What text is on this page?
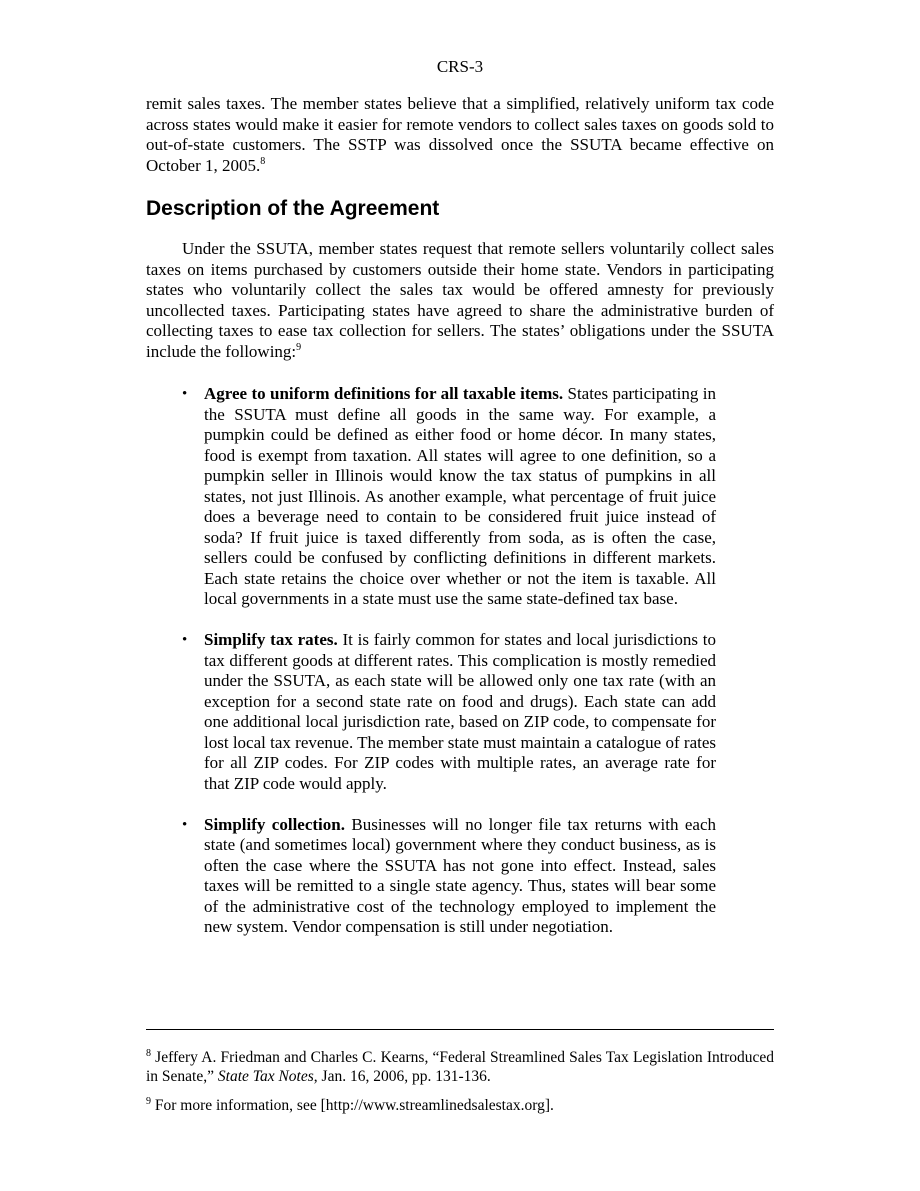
CRS-3

remit sales taxes. The member states believe that a simplified, relatively uniform tax code across states would make it easier for remote vendors to collect sales taxes on goods sold to out-of-state customers. The SSTP was dissolved once the SSUTA became effective on October 1, 2005.$^8$

Description of the Agreement

Under the SSUTA, member states request that remote sellers voluntarily collect sales taxes on items purchased by customers outside their home state. Vendors in participating states who voluntarily collect the sales tax would be offered amnesty for previously uncollected taxes. Participating states have agreed to share the administrative burden of collecting taxes to ease tax collection for sellers. The states’ obligations under the SSUTA include the following:$^9$

• Agree to uniform definitions for all taxable items. States participating in the SSUTA must define all goods in the same way. For example, a pumpkin could be defined as either food or home décor. In many states, food is exempt from taxation. All states will agree to one definition, so a pumpkin seller in Illinois would know the tax status of pumpkins in all states, not just Illinois. As another example, what percentage of fruit juice does a beverage need to contain to be considered fruit juice instead of soda? If fruit juice is taxed differently from soda, as is often the case, sellers could be confused by conflicting definitions in different markets. Each state retains the choice over whether or not the item is taxable. All local governments in a state must use the same state-defined tax base.
• Simplify tax rates. It is fairly common for states and local jurisdictions to tax different goods at different rates. This complication is mostly remedied under the SSUTA, as each state will be allowed only one tax rate (with an exception for a second state rate on food and drugs). Each state can add one additional local jurisdiction rate, based on ZIP code, to compensate for lost local tax revenue. The member state must maintain a catalogue of rates for all ZIP codes. For ZIP codes with multiple rates, an average rate for that ZIP code would apply.
• Simplify collection. Businesses will no longer file tax returns with each state (and sometimes local) government where they conduct business, as is often the case where the SSUTA has not gone into effect. Instead, sales taxes will be remitted to a single state agency. Thus, states will bear some of the administrative cost of the technology employed to implement the new system. Vendor compensation is still under negotiation.

$^8$ Jeffery A. Friedman and Charles C. Kearns, “Federal Streamlined Sales Tax Legislation Introduced in Senate,” State Tax Notes, Jan. 16, 2006, pp. 131-136.

$^9$ For more information, see [http://www.streamlinedsalestax.org].
